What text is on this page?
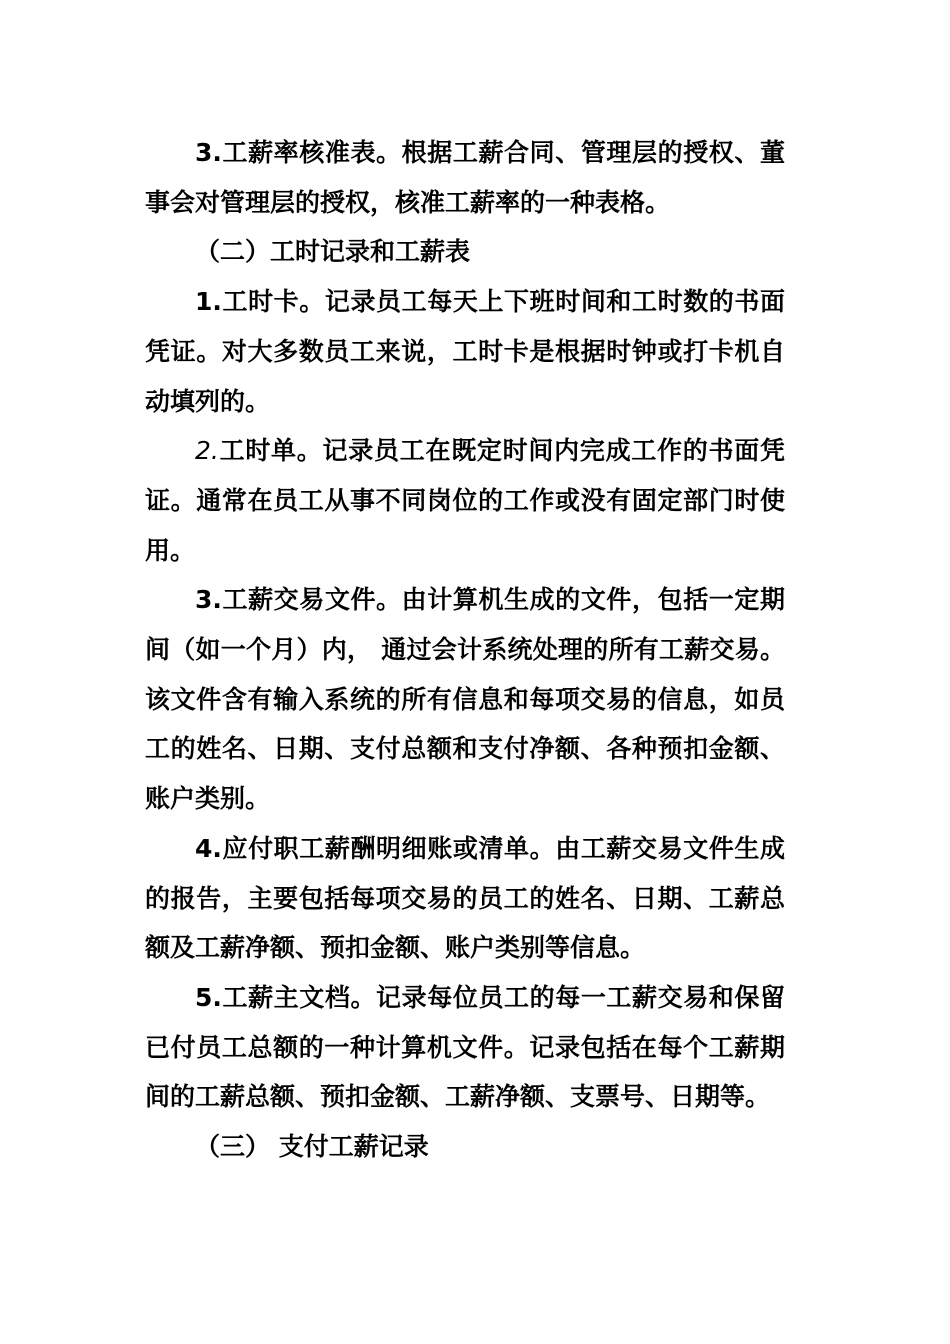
3.工薪率核准表。根据工薪合同、管理层的授权、董事会对管理层的授权，核准工薪率的一种表格。

（二）工时记录和工薪表

1.工时卡。记录员工每天上下班时间和工时数的书面凭证。对大多数员工来说，工时卡是根据时钟或打卡机自动填列的。

2.工时单。记录员工在既定时间内完成工作的书面凭证。通常在员工从事不同岗位的工作或没有固定部门时使用。

3.工薪交易文件。由计算机生成的文件，包括一定期间（如一个月）内， 通过会计系统处理的所有工薪交易。该文件含有输入系统的所有信息和每项交易的信息，如员工的姓名、日期、支付总额和支付净额、各种预扣金额、账户类别。

4.应付职工薪酬明细账或清单。由工薪交易文件生成的报告，主要包括每项交易的员工的姓名、日期、工薪总额及工薪净额、预扣金额、账户类别等信息。

5.工薪主文档。记录每位员工的每一工薪交易和保留已付员工总额的一种计算机文件。记录包括在每个工薪期间的工薪总额、预扣金额、工薪净额、支票号、日期等。

（三） 支付工薪记录
